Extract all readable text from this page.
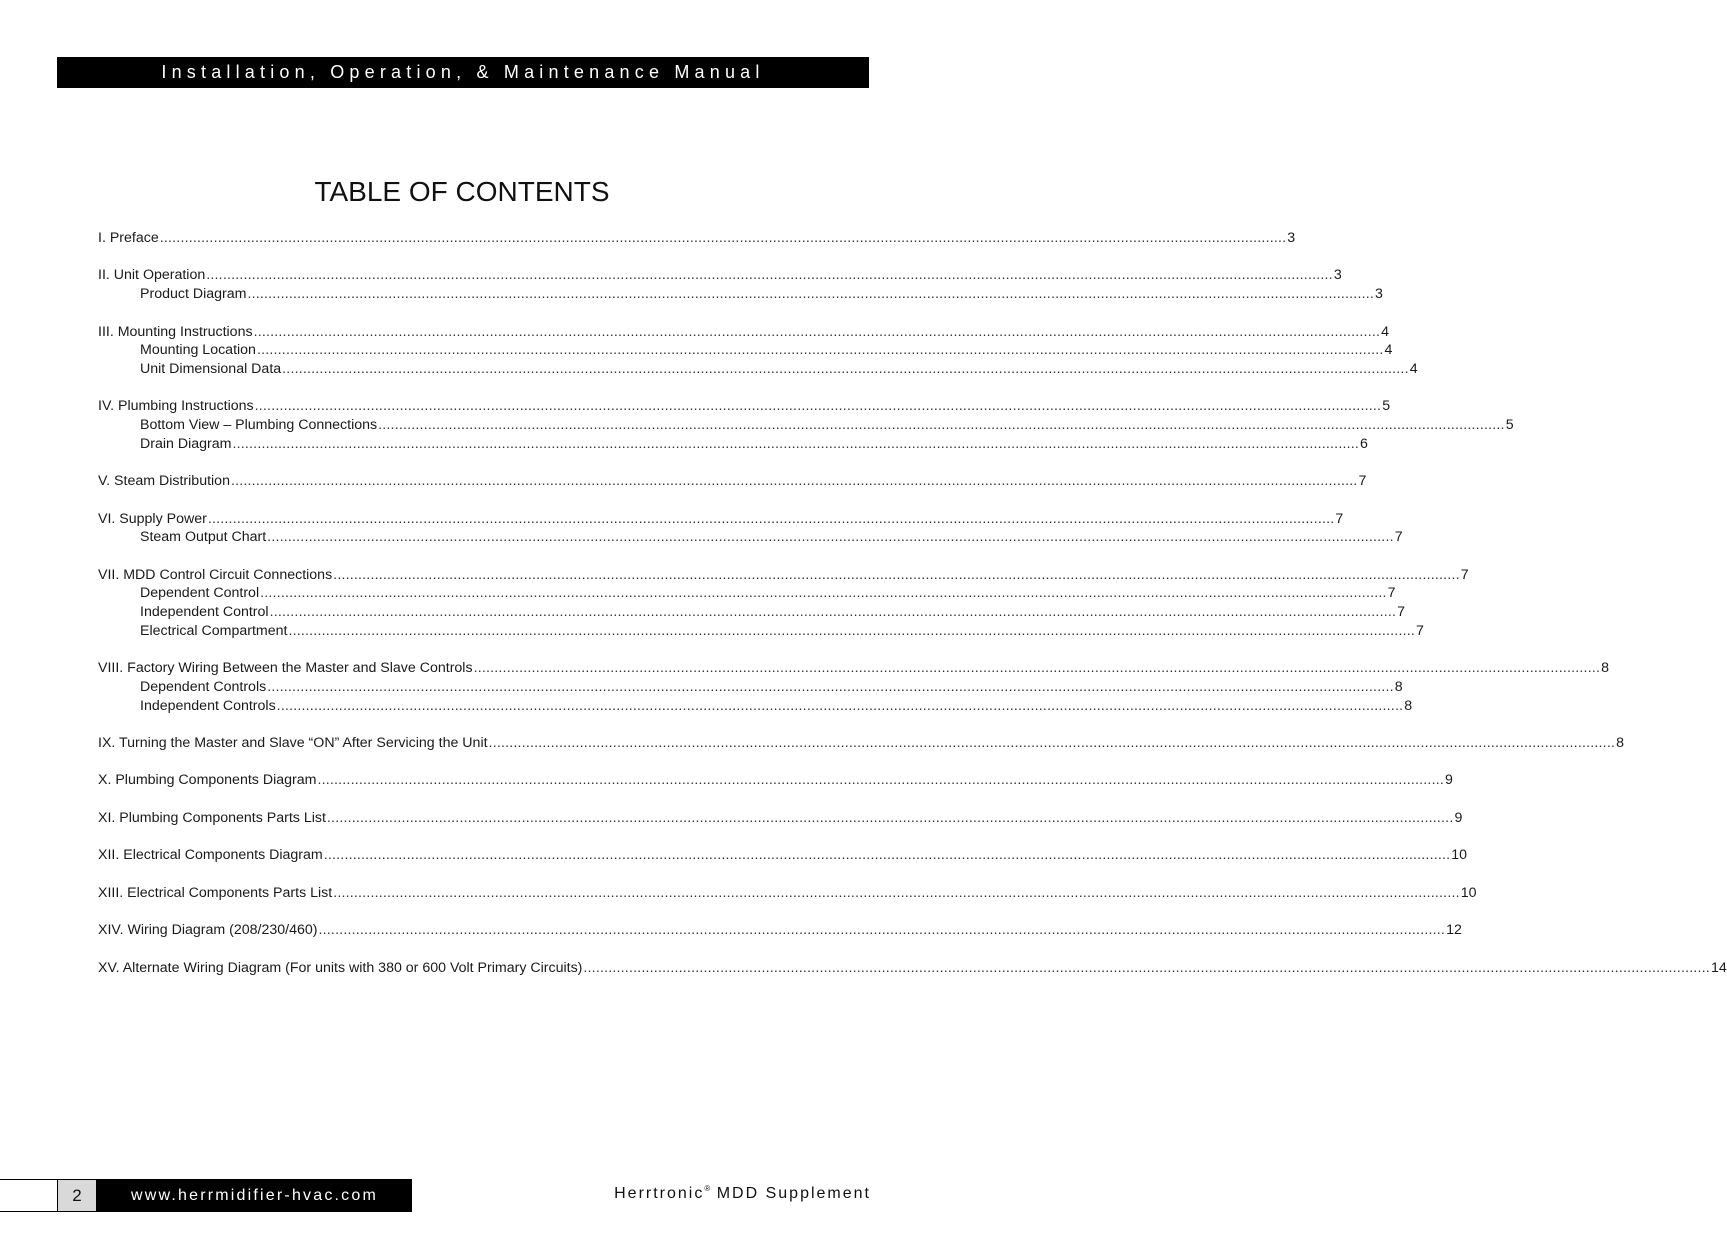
Installation, Operation, & Maintenance Manual
TABLE OF CONTENTS
I. Preface .....	3
II. Unit Operation .....	3
Product Diagram .....	3
III. Mounting Instructions .....	4
Mounting Location .....	4
Unit Dimensional Data .....	4
IV. Plumbing Instructions .....	5
Bottom View – Plumbing Connections .....	5
Drain Diagram .....	6
V. Steam Distribution .....	7
VI. Supply Power .....	7
Steam Output Chart .....	7
VII. MDD Control Circuit Connections .....	7
Dependent Control .....	7
Independent Control .....	7
Electrical Compartment .....	7
VIII. Factory Wiring Between the Master and Slave Controls .....	8
Dependent Controls .....	8
Independent Controls .....	8
IX. Turning the Master and Slave “ON” After Servicing the Unit .....	8
X. Plumbing Components Diagram .....	9
XI. Plumbing Components Parts List .....	9
XII. Electrical Components Diagram .....	10
XIII. Electrical Components Parts List .....	10
XIV. Wiring Diagram (208/230/460) .....	12
XV. Alternate Wiring Diagram (For units with 380 or 600 Volt Primary Circuits) .....	14
2	www.herrmidifier-hvac.com	Herrtronic® MDD Supplement
